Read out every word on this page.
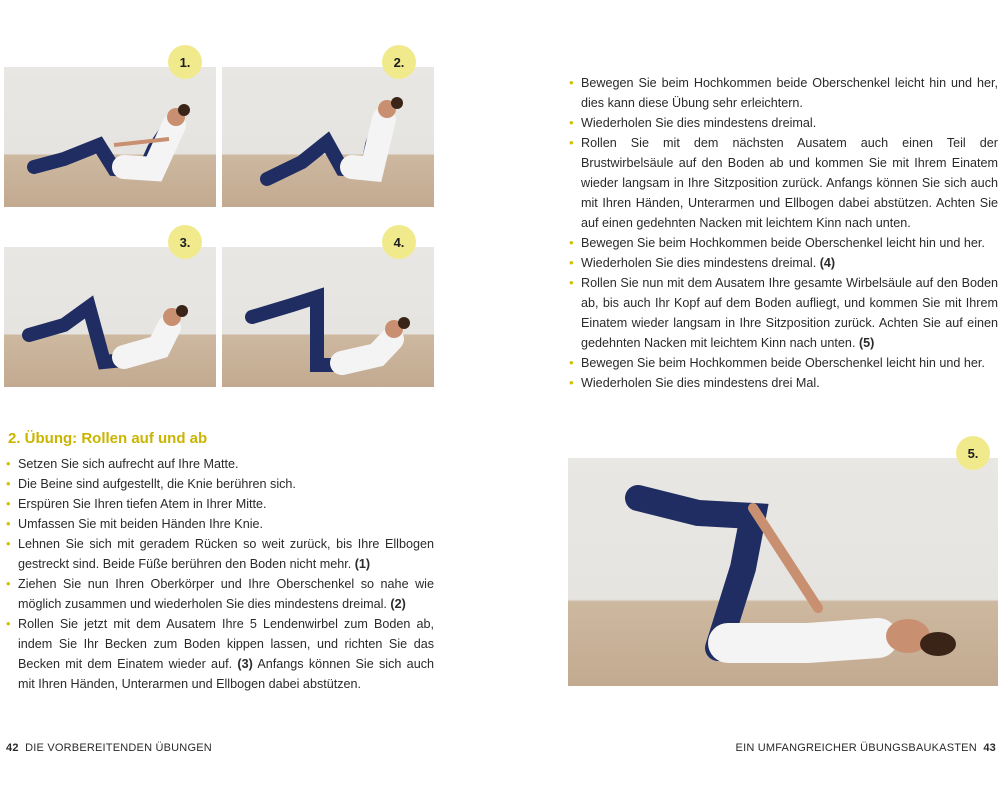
1.	2.
3.	4.
5.
2. Übung: Rollen auf und ab
• Setzen Sie sich aufrecht auf Ihre Matte.
• Die Beine sind aufgestellt, die Knie berühren sich.
• Erspüren Sie Ihren tiefen Atem in Ihrer Mitte.
• Umfassen Sie mit beiden Händen Ihre Knie.
• Lehnen Sie sich mit geradem Rücken so weit zurück, bis Ihre Ellbogen gestreckt sind. Beide Füße berühren den Boden nicht mehr. (1)
• Ziehen Sie nun Ihren Oberkörper und Ihre Oberschenkel so nahe wie möglich zusammen und wiederholen Sie dies mindestens dreimal. (2)
• Rollen Sie jetzt mit dem Ausatem Ihre 5 Lendenwirbel zum Boden ab, indem Sie Ihr Becken zum Boden kippen lassen, und richten Sie das Becken mit dem Einatem wieder auf. (3) Anfangs können Sie sich auch mit Ihren Händen, Unterarmen und Ellbogen dabei abstützen.
• Bewegen Sie beim Hochkommen beide Oberschenkel leicht hin und her, dies kann diese Übung sehr erleichtern.
• Wiederholen Sie dies mindestens dreimal.
• Rollen Sie mit dem nächsten Ausatem auch einen Teil der Brustwirbelsäule auf den Boden ab und kommen Sie mit Ihrem Einatem wieder langsam in Ihre Sitzposition zurück. Anfangs können Sie sich auch mit Ihren Händen, Unterarmen und Ellbogen dabei abstützen. Achten Sie auf einen gedehnten Nacken mit leichtem Kinn nach unten.
• Bewegen Sie beim Hochkommen beide Oberschenkel leicht hin und her.
• Wiederholen Sie dies mindestens dreimal. (4)
• Rollen Sie nun mit dem Ausatem Ihre gesamte Wirbelsäule auf den Boden ab, bis auch Ihr Kopf auf dem Boden aufliegt, und kommen Sie mit Ihrem Einatem wieder langsam in Ihre Sitzposition zurück. Achten Sie auf einen gedehnten Nacken mit leichtem Kinn nach unten. (5)
• Bewegen Sie beim Hochkommen beide Oberschenkel leicht hin und her.
• Wiederholen Sie dies mindestens drei Mal.
42 DIE VORBEREITENDEN ÜBUNGEN	EIN UMFANGREICHER ÜBUNGSBAUKASTEN 43
